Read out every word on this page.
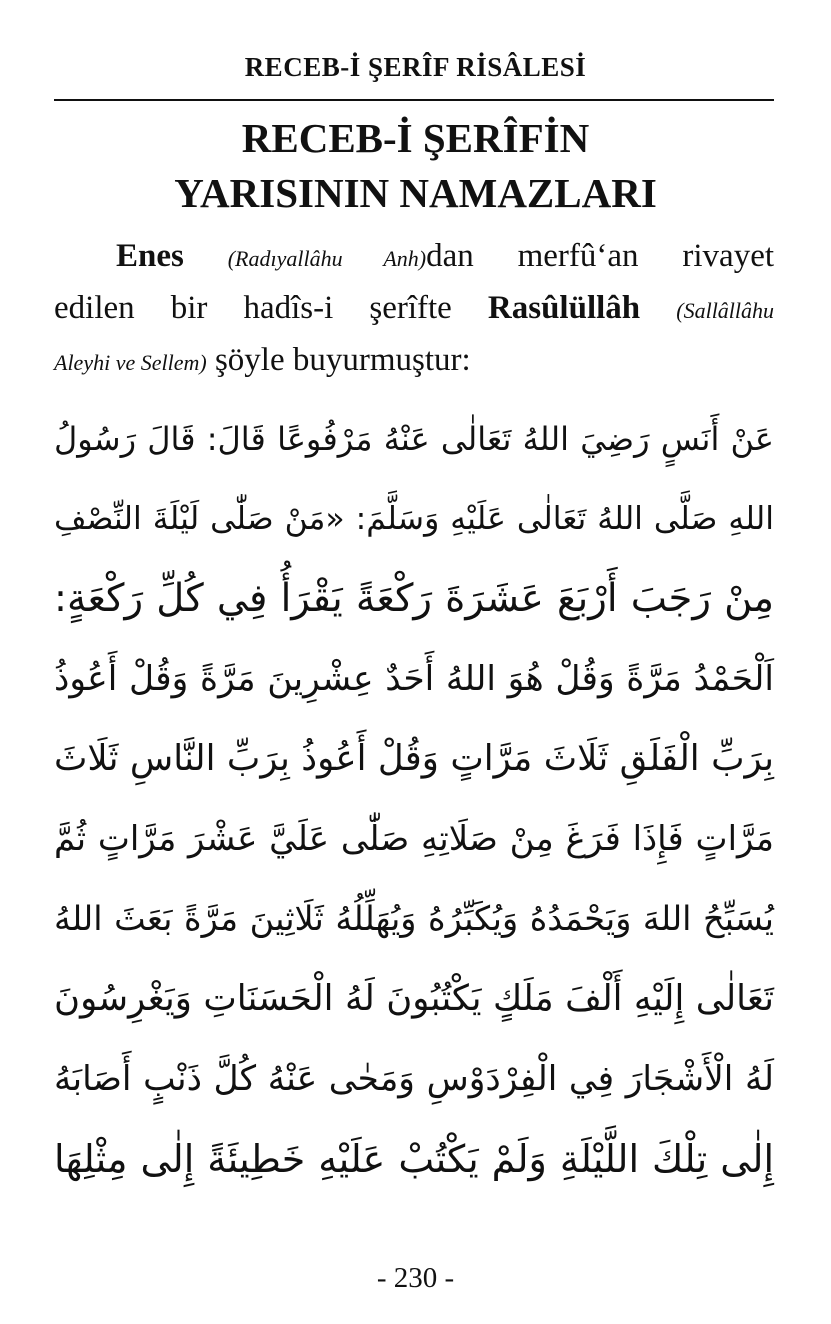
RECEB-İ ŞERÎF RİSÂLESİ
RECEB-İ ŞERÎFİN
YARISININ NAMAZLARI
Enes (Radıyallâhu Anh)dan merfû‘an rivayet
edilen bir hadîs-i şerîfte Rasûlüllâh (Sallâllâhu
Aleyhi ve Sellem) şöyle buyurmuştur:
عَنْ أَنَسٍ رَضِيَ اللهُ تَعَالٰى عَنْهُ مَرْفُوعًا قَالَ: قَالَ رَسُولُ
اللهِ صَلَّى اللهُ تَعَالٰى عَلَيْهِ وَسَلَّمَ: «مَنْ صَلّٰى لَيْلَةَ النِّصْفِ
مِنْ رَجَبَ أَرْبَعَ عَشَرَةَ رَكْعَةً يَقْرَأُ فِي كُلِّ رَكْعَةٍ:
اَلْحَمْدُ مَرَّةً وَقُلْ هُوَ اللهُ أَحَدٌ عِشْرِينَ مَرَّةً وَقُلْ أَعُوذُ
بِرَبِّ الْفَلَقِ ثَلَاثَ مَرَّاتٍ وَقُلْ أَعُوذُ بِرَبِّ النَّاسِ ثَلَاثَ
مَرَّاتٍ فَإِذَا فَرَغَ مِنْ صَلَاتِهِ صَلّٰى عَلَيَّ عَشْرَ مَرَّاتٍ ثُمَّ
يُسَبِّحُ اللهَ وَيَحْمَدُهُ وَيُكَبِّرُهُ وَيُهَلِّلُهُ ثَلَاثِينَ مَرَّةً بَعَثَ اللهُ
تَعَالٰى إِلَيْهِ أَلْفَ مَلَكٍ يَكْتُبُونَ لَهُ الْحَسَنَاتِ وَيَغْرِسُونَ
لَهُ الْأَشْجَارَ فِي الْفِرْدَوْسِ وَمَحٰى عَنْهُ كُلَّ ذَنْبٍ أَصَابَهُ
إِلٰى تِلْكَ اللَّيْلَةِ وَلَمْ يَكْتُبْ عَلَيْهِ خَطِيئَةً إِلٰى مِثْلِهَا
- 230 -
